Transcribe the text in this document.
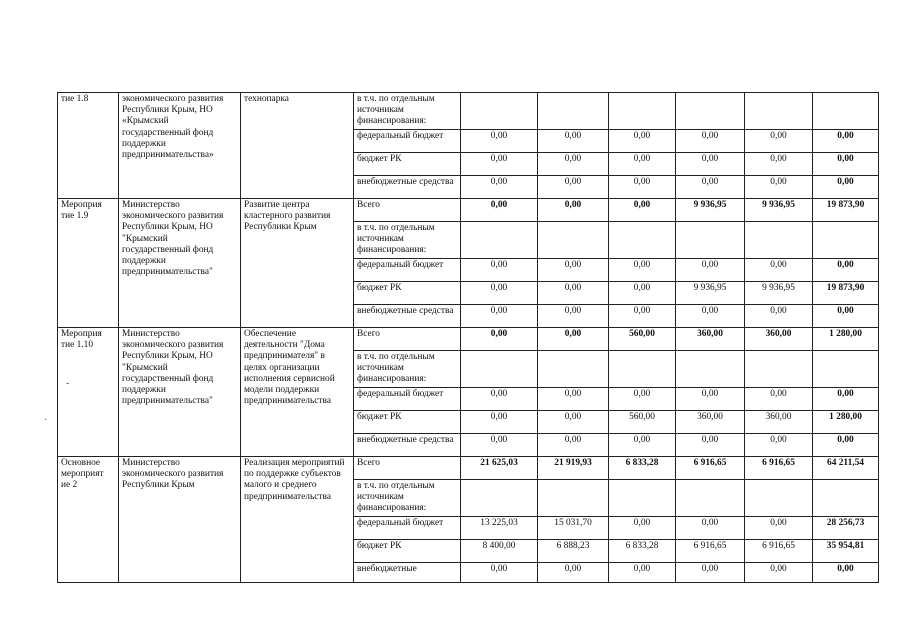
тие 1.8	экономического развития Республики Крым, НО «Крымский государственный фонд поддержки предпринимательства»	технопарка	в т.ч. по отдельным источникам финансирования:						
			федеральный бюджет	0,00	0,00	0,00	0,00	0,00	0,00
			бюджет РК	0,00	0,00	0,00	0,00	0,00	0,00
			внебюджетные средства	0,00	0,00	0,00	0,00	0,00	0,00
Мероприя тие 1.9	Министерство экономического развития Республики Крым, НО "Крымский государственный фонд поддержки предпринимательства"	Развитие центра кластерного развития Республики Крым	Всего	0,00	0,00	0,00	9 936,95	9 936,95	19 873,90
			в т.ч. по отдельным источникам финансирования:						
			федеральный бюджет	0,00	0,00	0,00	0,00	0,00	0,00
			бюджет РК	0,00	0,00	0,00	9 936,95	9 936,95	19 873,90
			внебюджетные средства	0,00	0,00	0,00	0,00	0,00	0,00
Мероприя тие 1.10	Министерство экономического развития Республики Крым, НО "Крымский государственный фонд поддержки предпринимательства"	Обеспечение деятельности "Дома предпринимателя" в целях организации исполнения сервисной модели поддержки предпринимательства	Всего	0,00	0,00	560,00	360,00	360,00	1 280,00
			в т.ч. по отдельным источникам финансирования:						
			федеральный бюджет	0,00	0,00	0,00	0,00	0,00	0,00
			бюджет РК	0,00	0,00	560,00	360,00	360,00	1 280,00
			внебюджетные средства	0,00	0,00	0,00	0,00	0,00	0,00
Основное мероприят ие 2	Министерство экономического развития Республики Крым	Реализация мероприятий по поддержке субъектов малого и среднего предпринимательства	Всего	21 625,03	21 919,93	6 833,28	6 916,65	6 916,65	64 211,54
			в т.ч. по отдельным источникам финансирования:						
			федеральный бюджет	13 225,03	15 031,70	0,00	0,00	0,00	28 256,73
			бюджет РК	8 400,00	6 888,23	6 833,28	6 916,65	6 916,65	35 954,81
			внебюджетные	0,00	0,00	0,00	0,00	0,00	0,00
·
-
